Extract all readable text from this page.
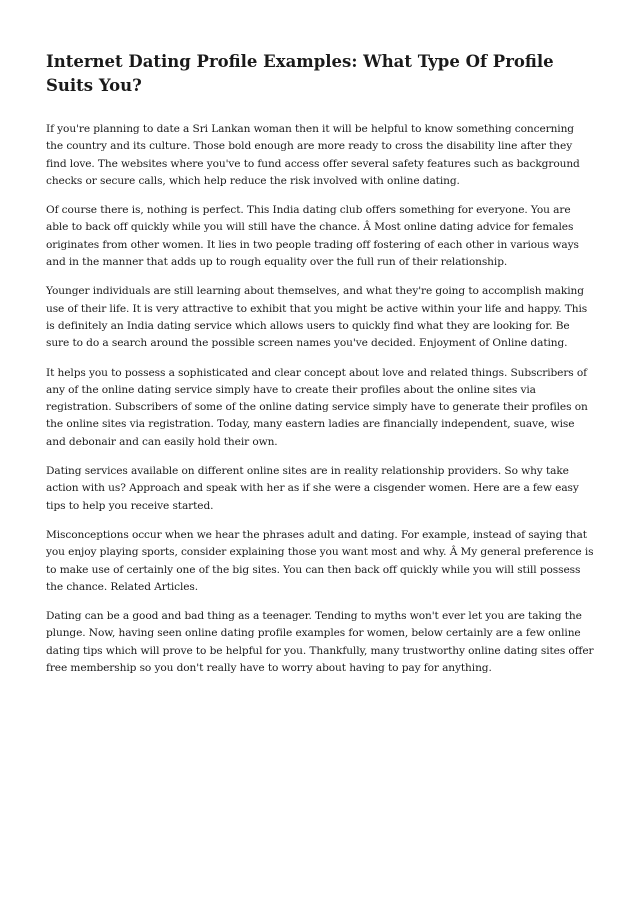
Internet Dating Profile Examples: What Type Of Profile Suits You?

If you're planning to date a Sri Lankan woman then it will be helpful to know something concerning the country and its culture. Those bold enough are more ready to cross the disability line after they find love. The websites where you've to fund access offer several safety features such as background checks or secure calls, which help reduce the risk involved with online dating.

Of course there is, nothing is perfect. This India dating club offers something for everyone. You are able to back off quickly while you will still have the chance. Â Most online dating advice for females originates from other women. It lies in two people trading off fostering of each other in various ways and in the manner that adds up to rough equality over the full run of their relationship.

Younger individuals are still learning about themselves, and what they're going to accomplish making use of their life. It is very attractive to exhibit that you might be active within your life and happy. This is definitely an India dating service which allows users to quickly find what they are looking for. Be sure to do a search around the possible screen names you've decided. Enjoyment of Online dating.

It helps you to possess a sophisticated and clear concept about love and related things. Subscribers of any of the online dating service simply have to create their profiles about the online sites via registration. Subscribers of some of the online dating service simply have to generate their profiles on the online sites via registration. Today, many eastern ladies are financially independent, suave, wise and debonair and can easily hold their own.

Dating services available on different online sites are in reality relationship providers. So why take action with us? Approach and speak with her as if she were a cisgender women. Here are a few easy tips to help you receive started.

Misconceptions occur when we hear the phrases adult and dating. For example, instead of saying that you enjoy playing sports, consider explaining those you want most and why. Â My general preference is to make use of certainly one of the big sites. You can then back off quickly while you will still possess the chance. Related Articles.

Dating can be a good and bad thing as a teenager. Tending to myths won't ever let you are taking the plunge. Now, having seen online dating profile examples for women, below certainly are a few online dating tips which will prove to be helpful for you. Thankfully, many trustworthy online dating sites offer free membership so you don't really have to worry about having to pay for anything.
